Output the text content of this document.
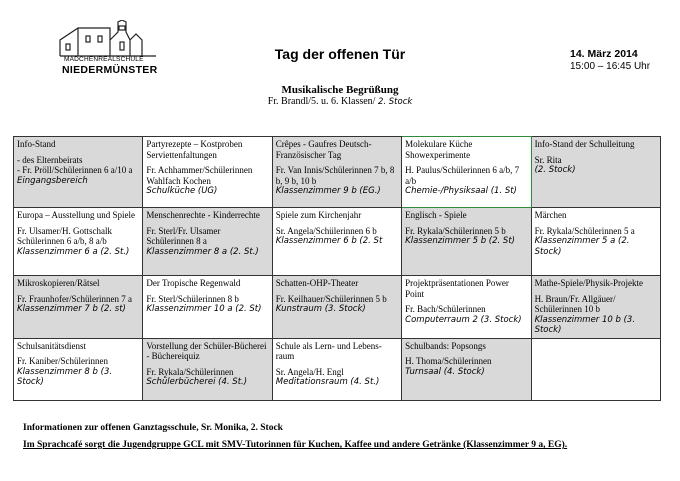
MÄDCHENREALSCHULE
NIEDERMÜNSTER
Tag der offenen Tür	14. März 2014
15:00 – 16:45 Uhr
Musikalische Begrüßung
Fr. Brandl/5. u. 6. Klassen/ 2. Stock
Info-Stand
- des Elternbeirats
- Fr. Pröll/Schülerinnen 6 a/10 a
Eingangsbereich	Partyrezepte – Kostproben Serviettenfaltungen
Fr. Achhammer/Schülerinnen Wahlfach Kochen
Schulküche (UG)	Crêpes - Gaufres Deutsch-Französischer Tag
Fr. Van Innis/Schülerinnen 7 b, 8 b, 9 b, 10 b
Klassenzimmer 9 b (EG.)	Molekulare Küche Showexperimente
H. Paulus/Schülerinnen 6 a/b, 7 a/b
Chemie-/Physiksaal (1. St)	Info-Stand der Schulleitung
Sr. Rita
(2. Stock)

Europa – Ausstellung und Spiele
Fr. Ulsamer/H. Gottschalk Schülerinnen 6 a/b, 8 a/b
Klassenzimmer 6 a (2. St.)	Menschenrechte - Kinderrechte
Fr. Sterl/Fr. Ulsamer Schülerinnen 8 a
Klassenzimmer 8 a (2. St.)	Spiele zum Kirchenjahr
Sr. Angela/Schülerinnen 6 b
Klassenzimmer 6 b (2. St	Englisch - Spiele
Fr. Rykala/Schülerinnen 5 b
Klassenzimmer 5 b (2. St)	Märchen
Fr. Rykala/Schülerinnen 5 a
Klassenzimmer 5 a (2. Stock)

Mikroskopieren/Rätsel
Fr. Fraunhofer/Schülerinnen 7 a
Klassenzimmer 7 b (2. st)	Der Tropische Regenwald
Fr. Sterl/Schülerinnen 8 b
Klassenzimmer 10 a (2. St)	Schatten-OHP-Theater
Fr. Keilhauer/Schülerinnen 5 b
Kunstraum (3. Stock)	Projektpräsentationen Power Point
Fr. Bach/Schülerinnen
Computerraum 2 (3. Stock)	Mathe-Spiele/Physik-Projekte
H. Braun/Fr. Allgäuer/ Schülerinnen 10 b
Klassenzimmer 10 b (3. Stock)

Schulsanitätsdienst
Fr. Kaniber/Schülerinnen
Klassenzimmer 8 b (3. Stock)	Vorstellung der Schüler-Bücherei - Büchereiquiz
Fr. Rykala/Schülerinnen
Schülerbücherei (4. St.)	Schule als Lern- und Lebens-raum
Sr. Angela/H. Engl
Meditationsraum (4. St.)	Schulbands: Popsongs
H. Thoma/Schülerinnen
Turnsaal (4. Stock)	

Informationen zur offenen Ganztagsschule, Sr. Monika, 2. Stock
Im Sprachcafé sorgt die Jugendgruppe GCL mit SMV-Tutorinnen für Kuchen, Kaffee und andere Getränke (Klassenzimmer 9 a, EG).
